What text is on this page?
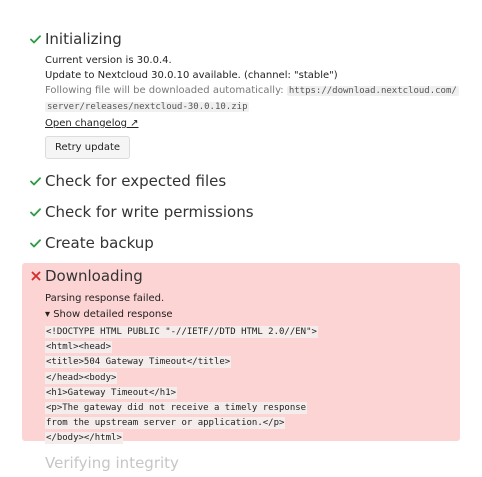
Initializing
Current version is 30.0.4.
Update to Nextcloud 30.0.10 available. (channel: "stable")
Following file will be downloaded automatically: https://download.nextcloud.com/
server/releases/nextcloud-30.0.10.zip
Open changelog ↗
Retry update
Check for expected files
Check for write permissions
Create backup
Downloading
Parsing response failed.
▾ Show detailed response
<!DOCTYPE HTML PUBLIC "-//IETF//DTD HTML 2.0//EN">
<html><head>
<title>504 Gateway Timeout</title>
</head><body>
<h1>Gateway Timeout</h1>
<p>The gateway did not receive a timely response
from the upstream server or application.</p>
</body></html>
Verifying integrity
